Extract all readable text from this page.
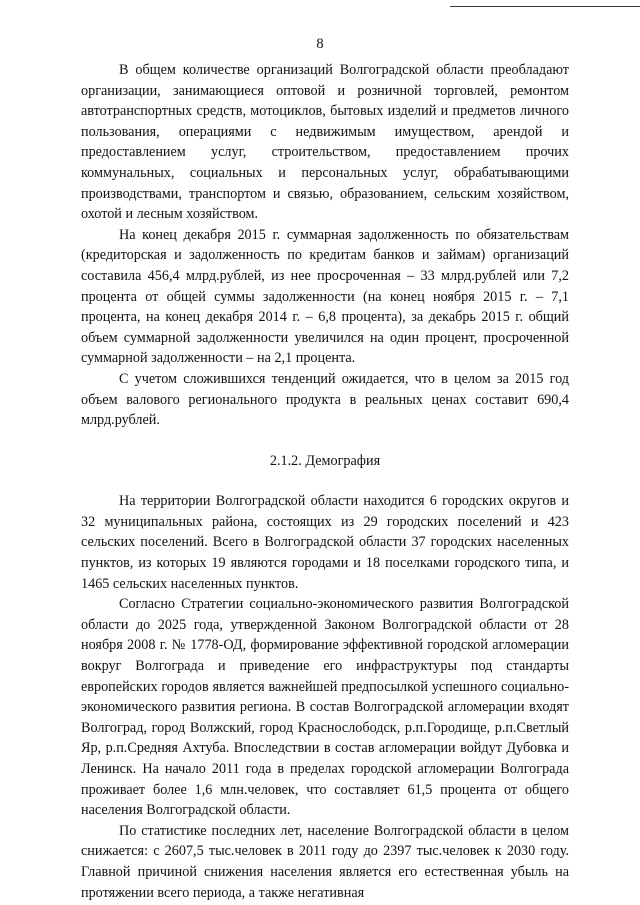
8

В общем количестве организаций Волгоградской области преобладают организации, занимающиеся оптовой и розничной торговлей, ремонтом автотранспортных средств, мотоциклов, бытовых изделий и предметов личного пользования, операциями с недвижимым имуществом, арендой и предоставлением услуг, строительством, предоставлением прочих коммунальных, социальных и персональных услуг, обрабатывающими производствами, транспортом и связью, образованием, сельским хозяйством, охотой и лесным хозяйством.

На конец декабря 2015 г. суммарная задолженность по обязательствам (кредиторская и задолженность по кредитам банков и займам) организаций составила 456,4 млрд.рублей, из нее просроченная – 33 млрд.рублей или 7,2 процента от общей суммы задолженности (на конец ноября 2015 г. – 7,1 процента, на конец декабря 2014 г. – 6,8 процента), за декабрь 2015 г. общий объем суммарной задолженности увеличился на один процент, просроченной суммарной задолженности – на 2,1 процента.

С учетом сложившихся тенденций ожидается, что в целом за 2015 год объем валового регионального продукта в реальных ценах составит 690,4 млрд.рублей.

2.1.2. Демография

На территории Волгоградской области находится 6 городских округов и 32 муниципальных района, состоящих из 29 городских поселений и 423 сельских поселений. Всего в Волгоградской области 37 городских населенных пунктов, из которых 19 являются городами и 18 поселками городского типа, и 1465 сельских населенных пунктов.

Согласно Стратегии социально-экономического развития Волгоградской области до 2025 года, утвержденной Законом Волгоградской области от 28 ноября 2008 г. № 1778-ОД, формирование эффективной городской агломерации вокруг Волгограда и приведение его инфраструктуры под стандарты европейских городов является важнейшей предпосылкой успешного социально-экономического развития региона. В состав Волгоградской агломерации входят Волгоград, город Волжский, город Краснослободск, р.п.Городище, р.п.Светлый Яр, р.п.Средняя Ахтуба. Впоследствии в состав агломерации войдут Дубовка и Ленинск. На начало 2011 года в пределах городской агломерации Волгограда проживает более 1,6 млн.человек, что составляет 61,5 процента от общего населения Волгоградской области.

По статистике последних лет, население Волгоградской области в целом снижается: с 2607,5 тыс.человек в 2011 году до 2397 тыс.человек к 2030 году. Главной причиной снижения населения является его естественная убыль на протяжении всего периода, а также негативная
